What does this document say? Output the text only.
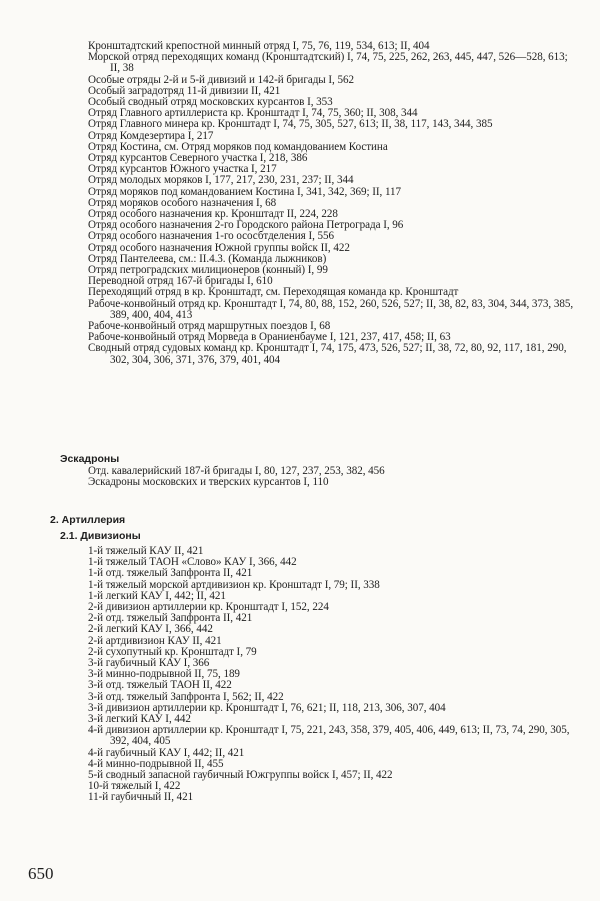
Кронштадтский крепостной минный отряд I, 75, 76, 119, 534, 613; II, 404
Морской отряд переходящих команд (Кронштадтский) I, 74, 75, 225, 262, 263, 445, 447, 526—528, 613; II, 38
Особые отряды 2-й и 5-й дивизий и 142-й бригады I, 562
Особый заградотряд 11-й дивизии II, 421
Особый сводный отряд московских курсантов I, 353
Отряд Главного артиллериста кр. Кронштадт I, 74, 75, 360; II, 308, 344
Отряд Главного минера кр. Кронштадт I, 74, 75, 305, 527, 613; II, 38, 117, 143, 344, 385
Отряд Комдезертира I, 217
Отряд Костина, см. Отряд моряков под командованием Костина
Отряд курсантов Северного участка I, 218, 386
Отряд курсантов Южного участка I, 217
Отряд молодых моряков I, 177, 217, 230, 231, 237; II, 344
Отряд моряков под командованием Костина I, 341, 342, 369; II, 117
Отряд моряков особого назначения I, 68
Отряд особого назначения кр. Кронштадт II, 224, 228
Отряд особого назначения 2-го Городского района Петрограда I, 96
Отряд особого назначения 1-го ососбтделения I, 556
Отряд особого назначения Южной группы войск II, 422
Отряд Пантелеева, см.: II.4.3. (Команда лыжников)
Отряд петроградских милиционеров (конный) I, 99
Переводной отряд 167-й бригады I, 610
Переходящий отряд в кр. Кронштадт, см. Переходящая команда кр. Кронштадт
Рабоче-конвойный отряд кр. Кронштадт I, 74, 80, 88, 152, 260, 526, 527; II, 38, 82, 83, 304, 344, 373, 385, 389, 400, 404, 413
Рабоче-конвойный отряд маршрутных поездов I, 68
Рабоче-конвойный отряд Морведа в Ораниенбауме I, 121, 237, 417, 458; II, 63
Сводный отряд судовых команд кр. Кронштадт I, 74, 175, 473, 526, 527; II, 38, 72, 80, 92, 117, 181, 290, 302, 304, 306, 371, 376, 379, 401, 404
Эскадроны
Отд. кавалерийский 187-й бригады I, 80, 127, 237, 253, 382, 456
Эскадроны московских и тверских курсантов I, 110
2. Артиллерия
2.1. Дивизионы
1-й тяжелый КАУ II, 421
1-й тяжелый ТАОН «Слово» КАУ I, 366, 442
1-й отд. тяжелый Запфронта II, 421
1-й тяжелый морской артдивизион кр. Кронштадт I, 79; II, 338
1-й легкий КАУ I, 442; II, 421
2-й дивизион артиллерии кр. Кронштадт I, 152, 224
2-й отд. тяжелый Запфронта II, 421
2-й легкий КАУ I, 366, 442
2-й артдивизион КАУ II, 421
2-й сухопутный кр. Кронштадт I, 79
3-й гаубичный КАУ I, 366
3-й минно-подрывной II, 75, 189
3-й отд. тяжелый ТАОН II, 422
3-й отд. тяжелый Запфронта I, 562; II, 422
3-й дивизион артиллерии кр. Кронштадт I, 76, 621; II, 118, 213, 306, 307, 404
3-й легкий КАУ I, 442
4-й дивизион артиллерии кр. Кронштадт I, 75, 221, 243, 358, 379, 405, 406, 449, 613; II, 73, 74, 290, 305, 392, 404, 405
4-й гаубичный КАУ I, 442; II, 421
4-й минно-подрывной II, 455
5-й сводный запасной гаубичный Южгруппы войск I, 457; II, 422
10-й тяжелый I, 422
11-й гаубичный II, 421
650
